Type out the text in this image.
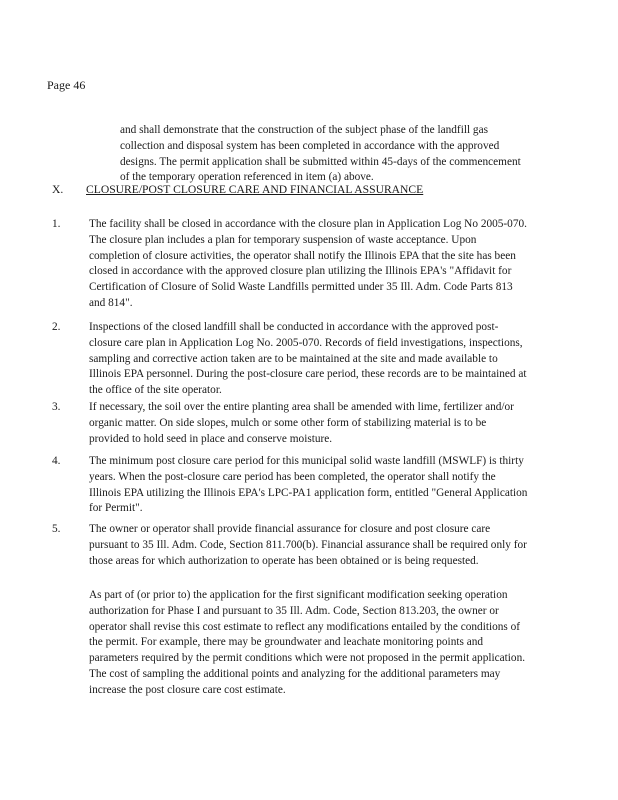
Page 46
and shall demonstrate that the construction of the subject phase of the landfill gas collection and disposal system has been completed in accordance with the approved designs. The permit application shall be submitted within 45-days of the commencement of the temporary operation referenced in item (a) above.
X. CLOSURE/POST CLOSURE CARE AND FINANCIAL ASSURANCE
1.	The facility shall be closed in accordance with the closure plan in Application Log No 2005-070. The closure plan includes a plan for temporary suspension of waste acceptance. Upon completion of closure activities, the operator shall notify the Illinois EPA that the site has been closed in accordance with the approved closure plan utilizing the Illinois EPA's "Affidavit for Certification of Closure of Solid Waste Landfills permitted under 35 Ill. Adm. Code Parts 813 and 814".
2.	Inspections of the closed landfill shall be conducted in accordance with the approved post-closure care plan in Application Log No. 2005-070. Records of field investigations, inspections, sampling and corrective action taken are to be maintained at the site and made available to Illinois EPA personnel. During the post-closure care period, these records are to be maintained at the office of the site operator.
3.	If necessary, the soil over the entire planting area shall be amended with lime, fertilizer and/or organic matter. On side slopes, mulch or some other form of stabilizing material is to be provided to hold seed in place and conserve moisture.
4.	The minimum post closure care period for this municipal solid waste landfill (MSWLF) is thirty years. When the post-closure care period has been completed, the operator shall notify the Illinois EPA utilizing the Illinois EPA's LPC-PA1 application form, entitled "General Application for Permit".
5.	The owner or operator shall provide financial assurance for closure and post closure care pursuant to 35 Ill. Adm. Code, Section 811.700(b). Financial assurance shall be required only for those areas for which authorization to operate has been obtained or is being requested.
As part of (or prior to) the application for the first significant modification seeking operation authorization for Phase I and pursuant to 35 Ill. Adm. Code, Section 813.203, the owner or operator shall revise this cost estimate to reflect any modifications entailed by the conditions of the permit. For example, there may be groundwater and leachate monitoring points and parameters required by the permit conditions which were not proposed in the permit application. The cost of sampling the additional points and analyzing for the additional parameters may increase the post closure care cost estimate.
